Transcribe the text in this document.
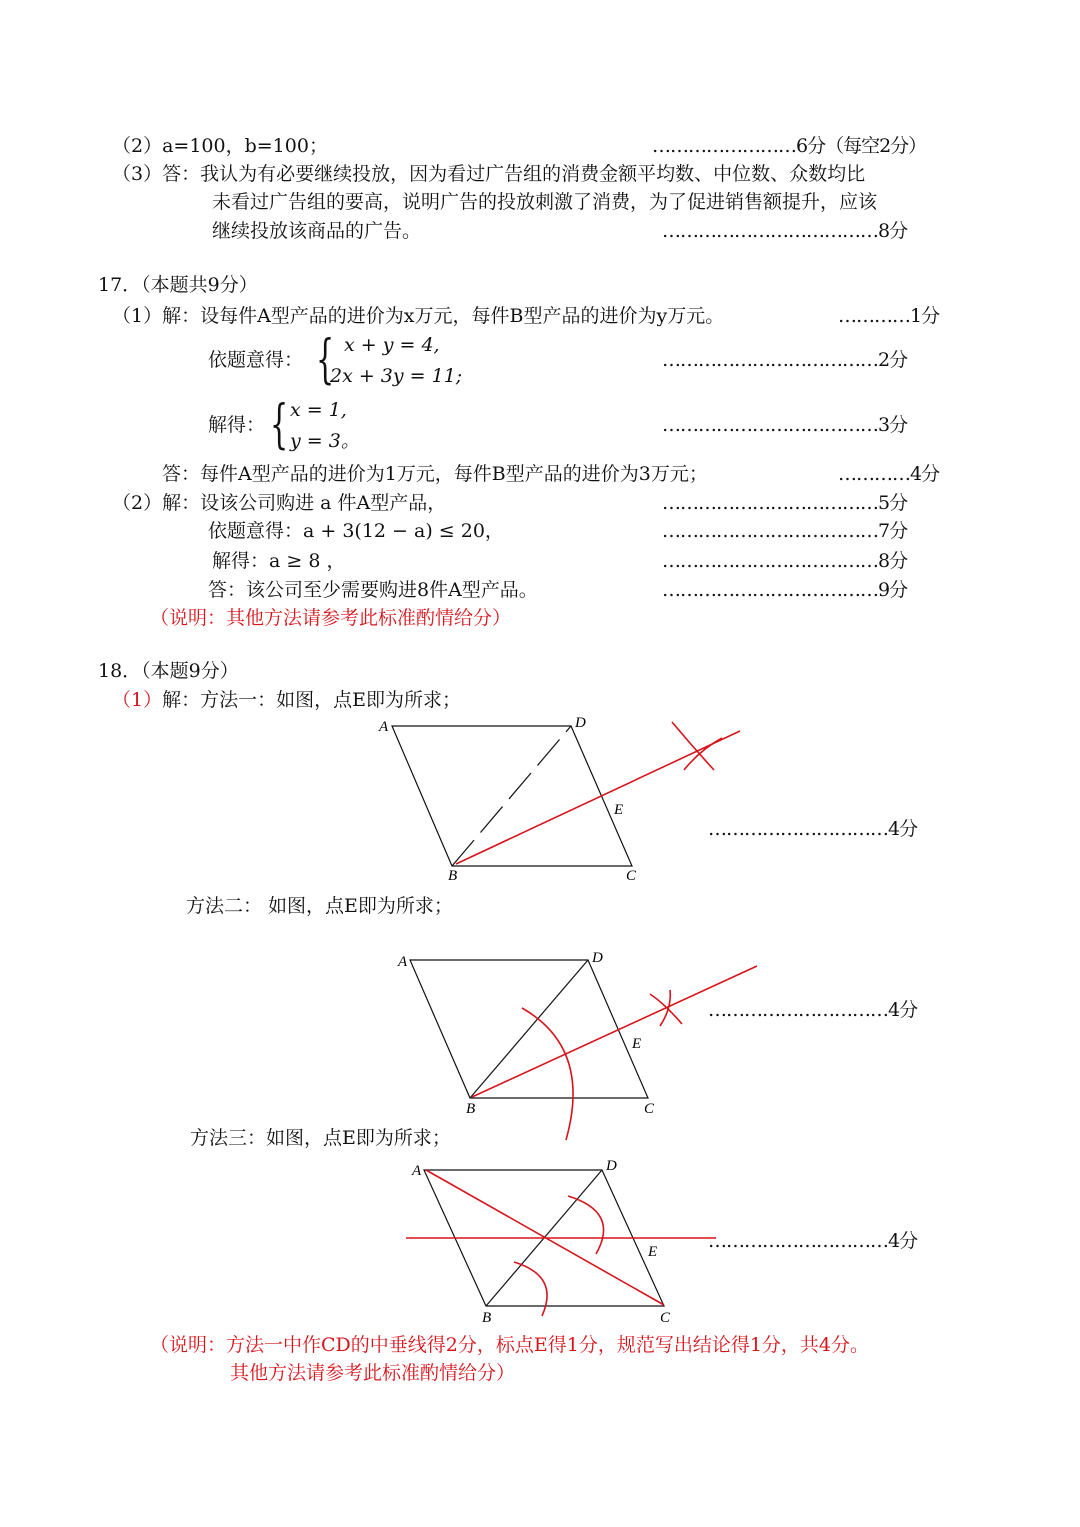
（2）a=100，b=100；	……………………6分（每空2分）
（3）答：我认为有必要继续投放，因为看过广告组的消费金额平均数、中位数、众数均比
未看过广告组的要高，说明广告的投放刺激了消费，为了促进销售额提升，应该
继续投放该商品的广告。	………………………………8分
17．（本题共9分）
（1）解：设每件A型产品的进价为x万元，每件B型产品的进价为y万元。	…………1分
依题意得： { x + y = 4,
2x + 3y = 11;
………………………………2分
解得： { x = 1,
y = 3。
………………………………3分
答：每件A型产品的进价为1万元，每件B型产品的进价为3万元；	…………4分
（2）解：设该公司购进 a 件A型产品，	………………………………5分
依题意得：a + 3(12 − a) ≤ 20，	………………………………7分
解得：a ≥ 8 ，	………………………………8分
答：该公司至少需要购进8件A型产品。	………………………………9分
（说明：其他方法请参考此标准酌情给分）
18．（本题9分）
（1）解：方法一：如图，点E即为所求；
A	D
E
B	C
…………………………4分
方法二： 如图，点E即为所求；
A	D
E
B	C
…………………………4分
方法三：如图，点E即为所求；
A	D
E
B	C
…………………………4分
（说明：方法一中作CD的中垂线得2分，标点E得1分，规范写出结论得1分，共4分。
其他方法请参考此标准酌情给分）
